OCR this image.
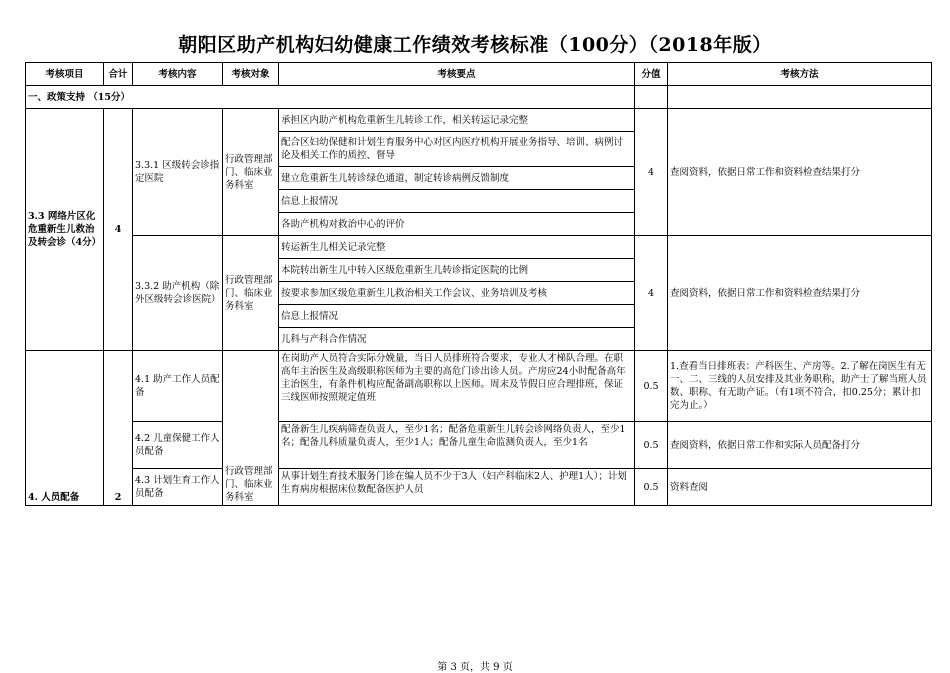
朝阳区助产机构妇幼健康工作绩效考核标准（100分）（2018年版）
考核项目	合计	考核内容	考核对象	考核要点	分值	考核方法
一、政策支持 （15分）						
3.3 网络片区化危重新生儿救治及转会诊（4分）	4	3.3.1 区级转会诊指定医院	行政管理部门、临床业务科室	承担区内助产机构危重新生儿转诊工作，相关转运记录完整	4	查阅资料，依据日常工作和资料检查结果打分
				配合区妇幼保健和计划生育服务中心对区内医疗机构开展业务指导、培训、病例讨论及相关工作的质控、督导		
				建立危重新生儿转诊绿色通道，制定转诊病例反馈制度		
				信息上报情况		
				各助产机构对救治中心的评价		
		3.3.2 助产机构（除外区级转会诊医院）	行政管理部门、临床业务科室	转运新生儿相关记录完整	4	查阅资料，依据日常工作和资料检查结果打分
				本院转出新生儿中转入区级危重新生儿转诊指定医院的比例		
				按要求参加区级危重新生儿救治相关工作会议、业务培训及考核		
				信息上报情况		
				儿科与产科合作情况		
4. 人员配备	2	4.1 助产工作人员配备	行政管理部门、临床业务科室	在岗助产人员符合实际分娩量，当日人员排班符合要求，专业人才梯队合理。在职高年主治医生及高级职称医师为主要的高危门诊出诊人员。产房应24小时配备高年主治医生，有条件机构应配备副高职称以上医师。周末及节假日应合理排班，保证三线医师按照规定值班	0.5	1.查看当日排班表：产科医生、产房等。2.了解在岗医生有无一、二、三线的人员安排及其业务职称，助产士了解当班人员数、职称、有无助产证。（有1项不符合，扣0.25分；累计扣完为止。）
		4.2 儿童保健工作人员配备		配备新生儿疾病筛查负责人，至少1名；配备危重新生儿转会诊网络负责人，至少1名；配备儿科质量负责人，至少1人；配备儿童生命监测负责人，至少1名	0.5	查阅资料，依据日常工作和实际人员配备打分
		4.3 计划生育工作人员配备		从事计划生育技术服务门诊在编人员不少于3人（妇产科临床2人、护理1人）；计划生育病房根据床位数配备医护人员	0.5	资料查阅
第 3 页，共 9 页
